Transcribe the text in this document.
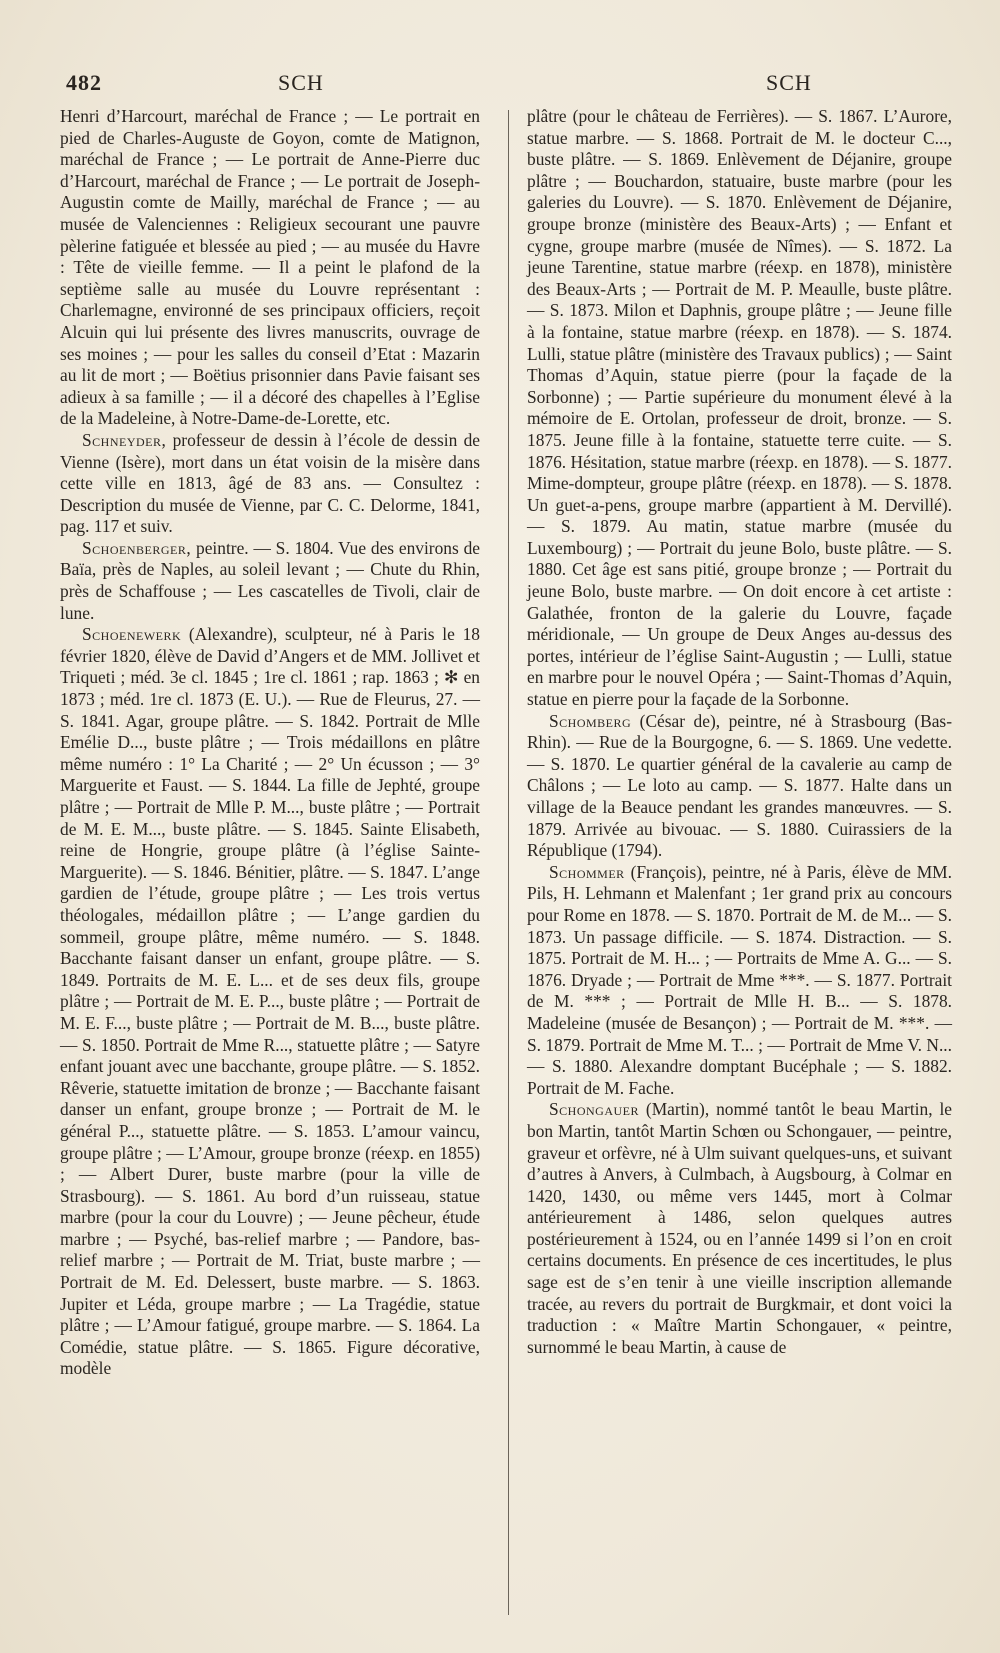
482	SCH	SCH

Henri d’Harcourt, maréchal de France ; — Le portrait en pied de Charles-Auguste de Goyon, comte de Matignon, maréchal de France ; — Le portrait de Anne-Pierre duc d’Harcourt, maréchal de France ; — Le portrait de Joseph-Augustin comte de Mailly, maréchal de France ; — au musée de Valenciennes : Religieux secourant une pauvre pèlerine fatiguée et blessée au pied ; — au musée du Havre : Tête de vieille femme. — Il a peint le plafond de la septième salle au musée du Louvre représentant : Charlemagne, environné de ses principaux officiers, reçoit Alcuin qui lui présente des livres manuscrits, ouvrage de ses moines ; — pour les salles du conseil d’Etat : Mazarin au lit de mort ; — Boëtius prisonnier dans Pavie faisant ses adieux à sa famille ; — il a décoré des chapelles à l’Eglise de la Madeleine, à Notre-Dame-de-Lorette, etc.

Schneyder, professeur de dessin à l’école de dessin de Vienne (Isère), mort dans un état voisin de la misère dans cette ville en 1813, âgé de 83 ans. — Consultez : Description du musée de Vienne, par C. C. Delorme, 1841, pag. 117 et suiv.

Schoenberger, peintre. — S. 1804. Vue des environs de Baïa, près de Naples, au soleil levant ; — Chute du Rhin, près de Schaffouse ; — Les cascatelles de Tivoli, clair de lune.

Schoenewerk (Alexandre), sculpteur, né à Paris le 18 février 1820, élève de David d’Angers et de MM. Jollivet et Triqueti ; méd. 3e cl. 1845 ; 1re cl. 1861 ; rap. 1863 ; ✻ en 1873 ; méd. 1re cl. 1873 (E. U.). — Rue de Fleurus, 27. — S. 1841. Agar, groupe plâtre. — S. 1842. Portrait de Mlle Emélie D..., buste plâtre ; — Trois médaillons en plâtre même numéro : 1° La Charité ; — 2° Un écusson ; — 3° Marguerite et Faust. — S. 1844. La fille de Jephté, groupe plâtre ; — Portrait de Mlle P. M..., buste plâtre ; — Portrait de M. E. M..., buste plâtre. — S. 1845. Sainte Elisabeth, reine de Hongrie, groupe plâtre (à l’église Sainte-Marguerite). — S. 1846. Bénitier, plâtre. — S. 1847. L’ange gardien de l’étude, groupe plâtre ; — Les trois vertus théologales, médaillon plâtre ; — L’ange gardien du sommeil, groupe plâtre, même numéro. — S. 1848. Bacchante faisant danser un enfant, groupe plâtre. — S. 1849. Portraits de M. E. L... et de ses deux fils, groupe plâtre ; — Portrait de M. E. P..., buste plâtre ; — Portrait de M. E. F..., buste plâtre ; — Portrait de M. B..., buste plâtre. — S. 1850. Portrait de Mme R..., statuette plâtre ; — Satyre enfant jouant avec une bacchante, groupe plâtre. — S. 1852. Rêverie, statuette imitation de bronze ; — Bacchante faisant danser un enfant, groupe bronze ; — Portrait de M. le général P..., statuette plâtre. — S. 1853. L’amour vaincu, groupe plâtre ; — L’Amour, groupe bronze (réexp. en 1855) ; — Albert Durer, buste marbre (pour la ville de Strasbourg). — S. 1861. Au bord d’un ruisseau, statue marbre (pour la cour du Louvre) ; — Jeune pêcheur, étude marbre ; — Psyché, bas-relief marbre ; — Pandore, bas-relief marbre ; — Portrait de M. Triat, buste marbre ; — Portrait de M. Ed. Delessert, buste marbre. — S. 1863. Jupiter et Léda, groupe marbre ; — La Tragédie, statue plâtre ; — L’Amour fatigué, groupe marbre. — S. 1864. La Comédie, statue plâtre. — S. 1865. Figure décorative, modèle

plâtre (pour le château de Ferrières). — S. 1867. L’Aurore, statue marbre. — S. 1868. Portrait de M. le docteur C..., buste plâtre. — S. 1869. Enlèvement de Déjanire, groupe plâtre ; — Bouchardon, statuaire, buste marbre (pour les galeries du Louvre). — S. 1870. Enlèvement de Déjanire, groupe bronze (ministère des Beaux-Arts) ; — Enfant et cygne, groupe marbre (musée de Nîmes). — S. 1872. La jeune Tarentine, statue marbre (réexp. en 1878), ministère des Beaux-Arts ; — Portrait de M. P. Meaulle, buste plâtre. — S. 1873. Milon et Daphnis, groupe plâtre ; — Jeune fille à la fontaine, statue marbre (réexp. en 1878). — S. 1874. Lulli, statue plâtre (ministère des Travaux publics) ; — Saint Thomas d’Aquin, statue pierre (pour la façade de la Sorbonne) ; — Partie supérieure du monument élevé à la mémoire de E. Ortolan, professeur de droit, bronze. — S. 1875. Jeune fille à la fontaine, statuette terre cuite. — S. 1876. Hésitation, statue marbre (réexp. en 1878). — S. 1877. Mime-dompteur, groupe plâtre (réexp. en 1878). — S. 1878. Un guet-a-pens, groupe marbre (appartient à M. Dervillé). — S. 1879. Au matin, statue marbre (musée du Luxembourg) ; — Portrait du jeune Bolo, buste plâtre. — S. 1880. Cet âge est sans pitié, groupe bronze ; — Portrait du jeune Bolo, buste marbre. — On doit encore à cet artiste : Galathée, fronton de la galerie du Louvre, façade méridionale, — Un groupe de Deux Anges au-dessus des portes, intérieur de l’église Saint-Augustin ; — Lulli, statue en marbre pour le nouvel Opéra ; — Saint-Thomas d’Aquin, statue en pierre pour la façade de la Sorbonne.

Schomberg (César de), peintre, né à Strasbourg (Bas-Rhin). — Rue de la Bourgogne, 6. — S. 1869. Une vedette. — S. 1870. Le quartier général de la cavalerie au camp de Châlons ; — Le loto au camp. — S. 1877. Halte dans un village de la Beauce pendant les grandes manœuvres. — S. 1879. Arrivée au bivouac. — S. 1880. Cuirassiers de la République (1794).

Schommer (François), peintre, né à Paris, élève de MM. Pils, H. Lehmann et Malenfant ; 1er grand prix au concours pour Rome en 1878. — S. 1870. Portrait de M. de M... — S. 1873. Un passage difficile. — S. 1874. Distraction. — S. 1875. Portrait de M. H... ; — Portraits de Mme A. G... — S. 1876. Dryade ; — Portrait de Mme ***. — S. 1877. Portrait de M. *** ; — Portrait de Mlle H. B... — S. 1878. Madeleine (musée de Besançon) ; — Portrait de M. ***. — S. 1879. Portrait de Mme M. T... ; — Portrait de Mme V. N... — S. 1880. Alexandre domptant Bucéphale ; — S. 1882. Portrait de M. Fache.

Schongauer (Martin), nommé tantôt le beau Martin, le bon Martin, tantôt Martin Schœn ou Schongauer, — peintre, graveur et orfèvre, né à Ulm suivant quelques-uns, et suivant d’autres à Anvers, à Culmbach, à Augsbourg, à Colmar en 1420, 1430, ou même vers 1445, mort à Colmar antérieurement à 1486, selon quelques autres postérieurement à 1524, ou en l’année 1499 si l’on en croit certains documents. En présence de ces incertitudes, le plus sage est de s’en tenir à une vieille inscription allemande tracée, au revers du portrait de Burgkmair, et dont voici la traduction : « Maître Martin Schongauer, « peintre, surnommé le beau Martin, à cause de
